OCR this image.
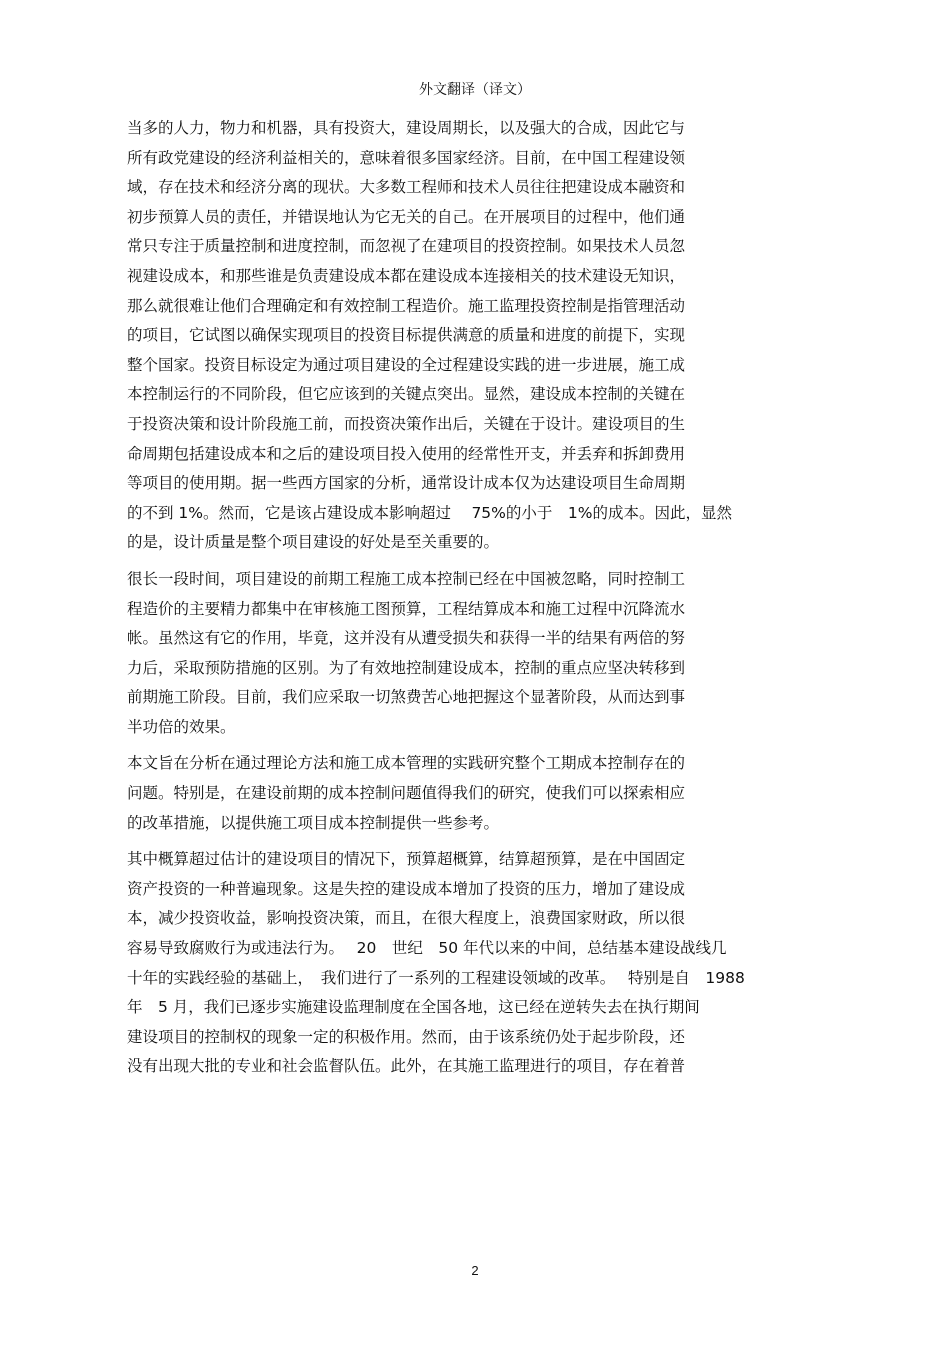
外文翻译（译文）
当多的人力，物力和机器，具有投资大，建设周期长，以及强大的合成，因此它与
所有政党建设的经济利益相关的，意味着很多国家经济。目前，在中国工程建设领
域，存在技术和经济分离的现状。大多数工程师和技术人员往往把建设成本融资和
初步预算人员的责任，并错误地认为它无关的自己。在开展项目的过程中，他们通
常只专注于质量控制和进度控制，而忽视了在建项目的投资控制。如果技术人员忽
视建设成本，和那些谁是负责建设成本都在建设成本连接相关的技术建设无知识，
那么就很难让他们合理确定和有效控制工程造价。施工监理投资控制是指管理活动
的项目，它试图以确保实现项目的投资目标提供满意的质量和进度的前提下，实现
整个国家。投资目标设定为通过项目建设的全过程建设实践的进一步进展，施工成
本控制运行的不同阶段，但它应该到的关键点突出。显然，建设成本控制的关键在
于投资决策和设计阶段施工前，而投资决策作出后，关键在于设计。建设项目的生
命周期包括建设成本和之后的建设项目投入使用的经常性开支，并丢弃和拆卸费用
等项目的使用期。据一些西方国家的分析，通常设计成本仅为达建设项目生命周期
的不到 1%。然而，它是该占建设成本影响超过　 75%的小于　1%的成本。因此，显然
的是，设计质量是整个项目建设的好处是至关重要的。
很长一段时间，项目建设的前期工程施工成本控制已经在中国被忽略，同时控制工
程造价的主要精力都集中在审核施工图预算，工程结算成本和施工过程中沉降流水
帐。虽然这有它的作用，毕竟，这并没有从遭受损失和获得一半的结果有两倍的努
力后，采取预防措施的区别。为了有效地控制建设成本，控制的重点应坚决转移到
前期施工阶段。目前，我们应采取一切煞费苦心地把握这个显著阶段，从而达到事
半功倍的效果。
本文旨在分析在通过理论方法和施工成本管理的实践研究整个工期成本控制存在的
问题。特别是，在建设前期的成本控制问题值得我们的研究，使我们可以探索相应
的改革措施，以提供施工项目成本控制提供一些参考。
其中概算超过估计的建设项目的情况下，预算超概算，结算超预算，是在中国固定
资产投资的一种普遍现象。这是失控的建设成本增加了投资的压力，增加了建设成
本，减少投资收益，影响投资决策，而且，在很大程度上，浪费国家财政，所以很
容易导致腐败行为或违法行为。　 20　世纪　50 年代以来的中间，总结基本建设战线几
十年的实践经验的基础上，　我们进行了一系列的工程建设领域的改革。　 特别是自　1988
年　5 月，我们已逐步实施建设监理制度在全国各地，这已经在逆转失去在执行期间
建设项目的控制权的现象一定的积极作用。然而，由于该系统仍处于起步阶段，还
没有出现大批的专业和社会监督队伍。此外，在其施工监理进行的项目，存在着普
2
